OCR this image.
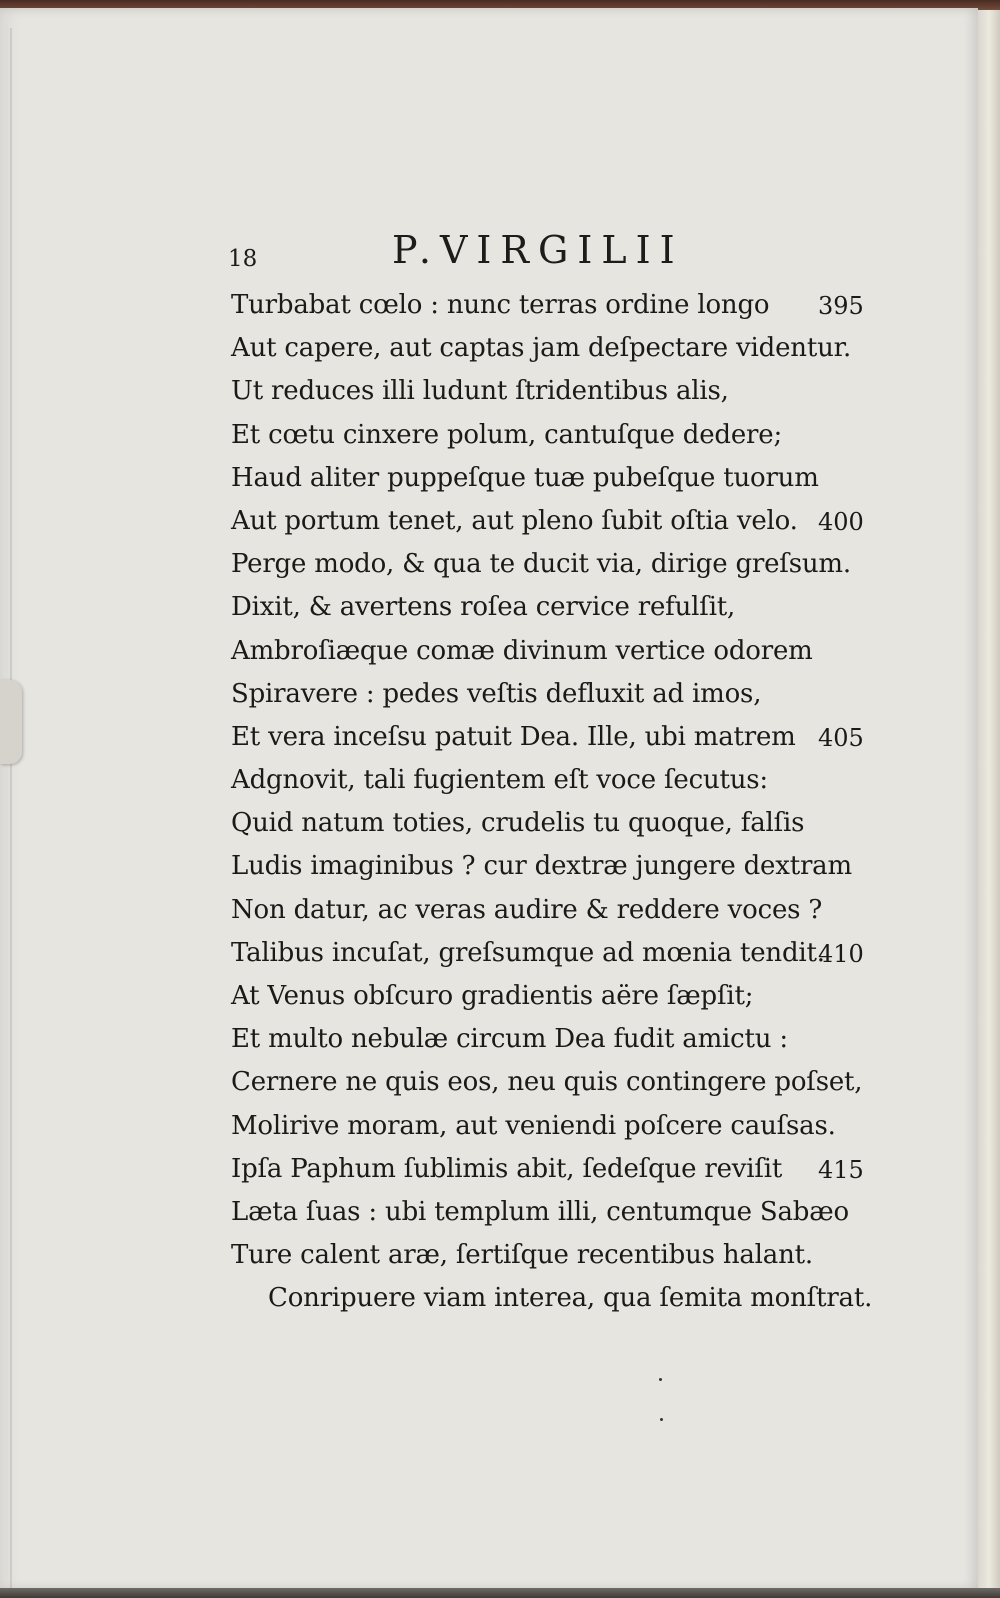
18	P.VIRGILII
Turbabat cœlo : nunc terras ordine longo 395
Aut capere, aut captas jam deſpectare videntur.
Ut reduces illi ludunt ſtridentibus alis,
Et cœtu cinxere polum, cantuſque dedere;
Haud aliter puppeſque tuæ pubeſque tuorum
Aut portum tenet, aut pleno ſubit oſtia velo. 400
Perge modo, & qua te ducit via, dirige greſsum.
Dixit, & avertens roſea cervice refulſit,
Ambroſiæque comæ divinum vertice odorem
Spiravere : pedes veſtis defluxit ad imos,
Et vera inceſsu patuit Dea. Ille, ubi matrem 405
Adgnovit, tali fugientem eſt voce ſecutus:
Quid natum toties, crudelis tu quoque, falſis
Ludis imaginibus ? cur dextræ jungere dextram
Non datur, ac veras audire & reddere voces ?
Talibus incuſat, greſsumque ad mœnia tendit.
410
At Venus obſcuro gradientis aëre ſæpſit;
Et multo nebulæ circum Dea fudit amictu :
Cernere ne quis eos, neu quis contingere poſset,
Molirive moram, aut veniendi poſcere cauſsas.
Ipſa Paphum ſublimis abit, ſedeſque reviſit 415
Læta ſuas : ubi templum illi, centumque Sabæo
Ture calent aræ, ſertiſque recentibus halant.
Conripuere viam interea, qua ſemita monſtrat.
